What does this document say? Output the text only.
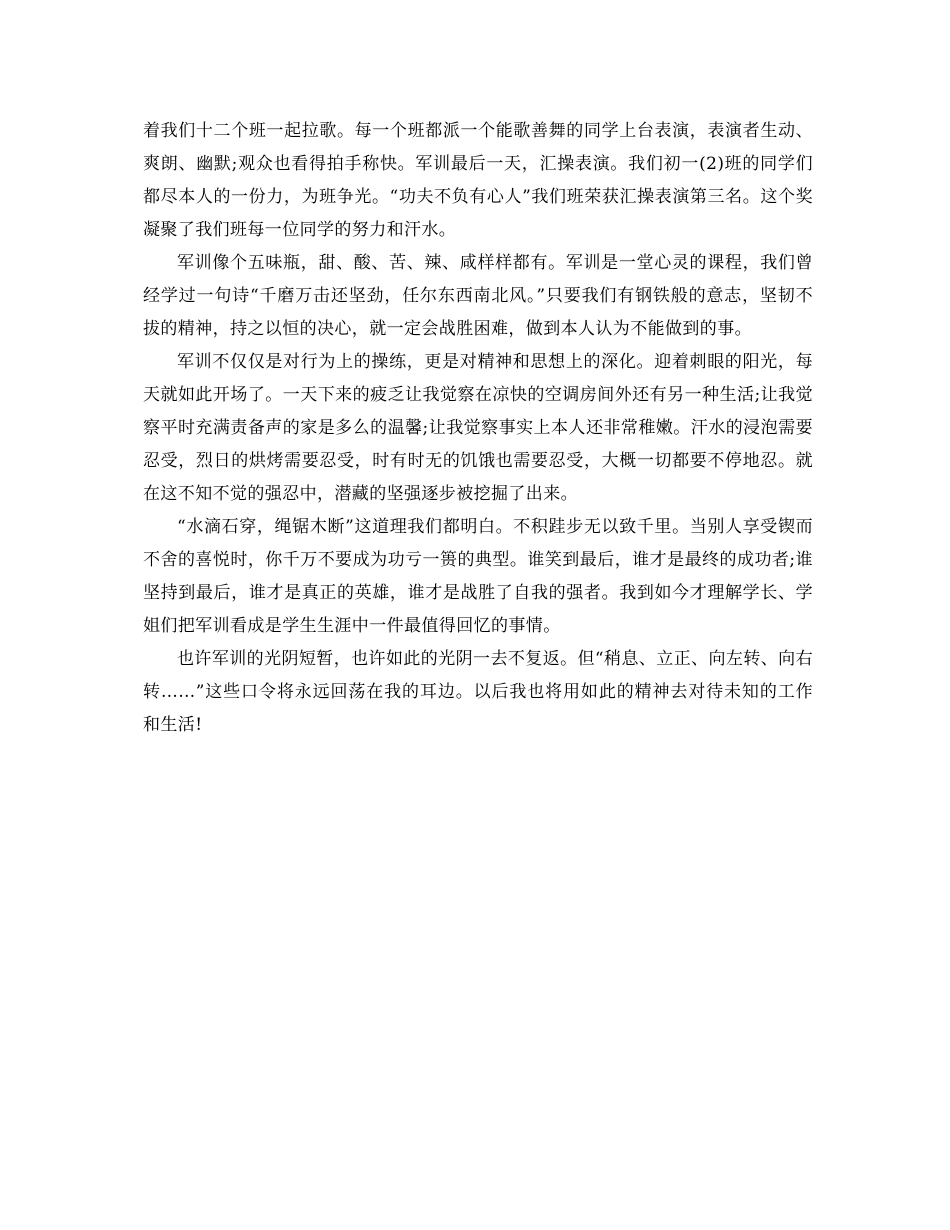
着我们十二个班一起拉歌。每一个班都派一个能歌善舞的同学上台表演，表演者生动、爽朗、幽默;观众也看得拍手称快。军训最后一天，汇操表演。我们初一(2)班的同学们都尽本人的一份力，为班争光。“功夫不负有心人”我们班荣获汇操表演第三名。这个奖凝聚了我们班每一位同学的努力和汗水。

军训像个五味瓶，甜、酸、苦、辣、咸样样都有。军训是一堂心灵的课程，我们曾经学过一句诗“千磨万击还坚劲，任尔东西南北风。”只要我们有钢铁般的意志，坚韧不拔的精神，持之以恒的决心，就一定会战胜困难，做到本人认为不能做到的事。

军训不仅仅是对行为上的操练，更是对精神和思想上的深化。迎着刺眼的阳光，每天就如此开场了。一天下来的疲乏让我觉察在凉快的空调房间外还有另一种生活;让我觉察平时充满责备声的家是多么的温馨;让我觉察事实上本人还非常稚嫩。汗水的浸泡需要忍受，烈日的烘烤需要忍受，时有时无的饥饿也需要忍受，大概一切都要不停地忍。就在这不知不觉的强忍中，潜藏的坚强逐步被挖掘了出来。

“水滴石穿，绳锯木断”这道理我们都明白。不积跬步无以致千里。当别人享受锲而不舍的喜悦时，你千万不要成为功亏一篑的典型。谁笑到最后，谁才是最终的成功者;谁坚持到最后，谁才是真正的英雄，谁才是战胜了自我的强者。我到如今才理解学长、学姐们把军训看成是学生生涯中一件最值得回忆的事情。

也许军训的光阴短暂，也许如此的光阴一去不复返。但“稍息、立正、向左转、向右转……”这些口令将永远回荡在我的耳边。以后我也将用如此的精神去对待未知的工作和生活!
